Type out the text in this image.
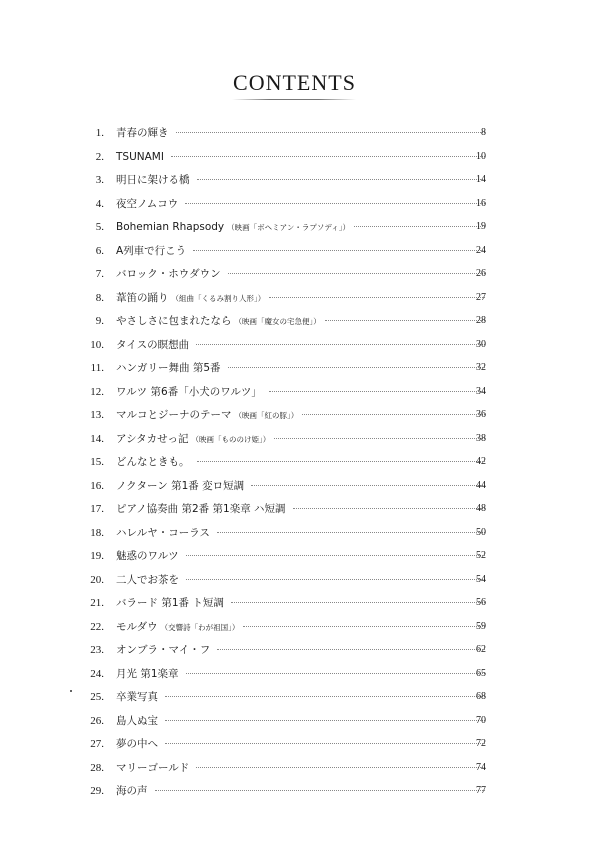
CONTENTS
1. 青春の輝き	8
2. TSUNAMI	10
3. 明日に架ける橋	14
4. 夜空ノムコウ	16
5. Bohemian Rhapsody （映画「ボヘミアン・ラプソディ」）	19
6. A列車で行こう	24
7. バロック・ホウダウン	26
8. 葦笛の踊り （組曲「くるみ割り人形」）	27
9. やさしさに包まれたなら （映画「魔女の宅急便」）	28
10. タイスの瞑想曲	30
11. ハンガリー舞曲 第5番	32
12. ワルツ 第6番「小犬のワルツ」	34
13. マルコとジーナのテーマ （映画「紅の豚」）	36
14. アシタカせっ記 （映画「もののけ姫」）	38
15. どんなときも。	42
16. ノクターン 第1番 変ロ短調	44
17. ピアノ協奏曲 第2番 第1楽章 ハ短調	48
18. ハレルヤ・コーラス	50
19. 魅惑のワルツ	52
20. 二人でお茶を	54
21. バラード 第1番 ト短調	56
22. モルダウ （交響詩「わが祖国」）	59
23. オンブラ・マイ・フ	62
24. 月光 第1楽章	65
25. 卒業写真	68
26. 島人ぬ宝	70
27. 夢の中へ	72
28. マリーゴールド	74
29. 海の声	77
